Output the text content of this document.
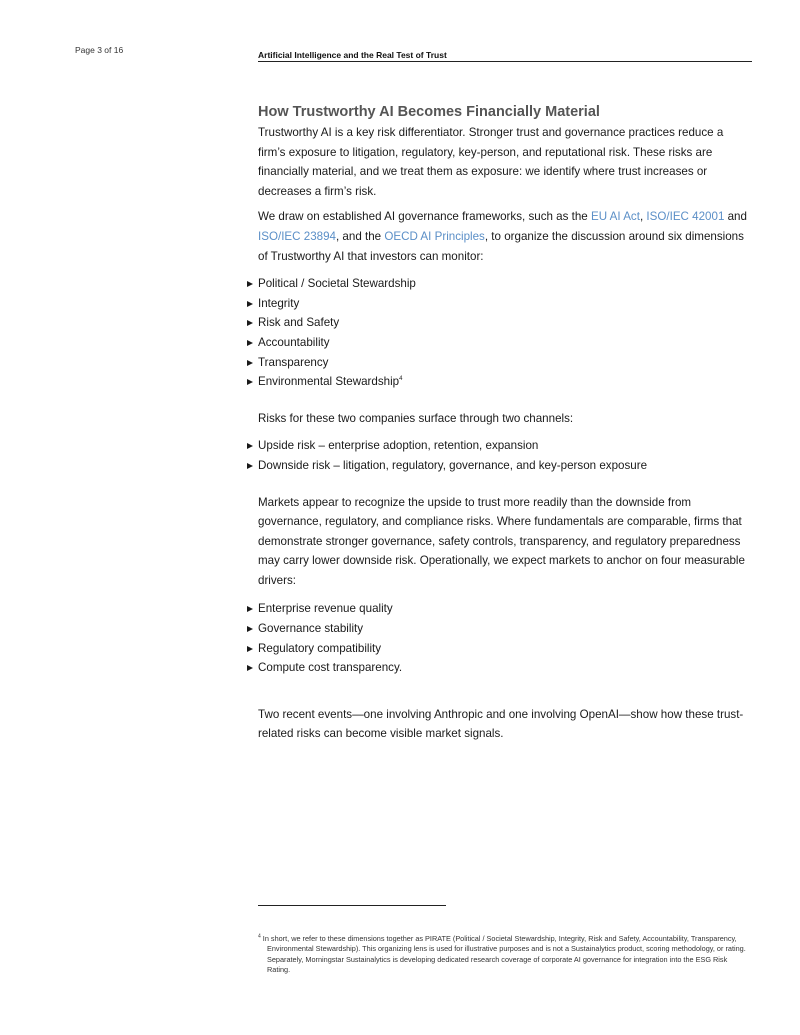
Page 3 of 16	Artificial Intelligence and the Real Test of Trust
How Trustworthy AI Becomes Financially Material

Trustworthy AI is a key risk differentiator. Stronger trust and governance practices reduce a firm’s exposure to litigation, regulatory, key-person, and reputational risk. These risks are financially material, and we treat them as exposure: we identify where trust increases or decreases a firm’s risk.

We draw on established AI governance frameworks, such as the EU AI Act, ISO/IEC 42001 and
ISO/IEC 23894, and the OECD AI Principles, to organize the discussion around six dimensions of Trustworthy AI that investors can monitor:

Political / Societal Stewardship
Integrity
Risk and Safety
Accountability
Transparency
Environmental Stewardship$^4$

Risks for these two companies surface through two channels:

Upside risk – enterprise adoption, retention, expansion
Downside risk – litigation, regulatory, governance, and key-person exposure

Markets appear to recognize the upside to trust more readily than the downside from governance, regulatory, and compliance risks. Where fundamentals are comparable, firms that demonstrate stronger governance, safety controls, transparency, and regulatory preparedness may carry lower downside risk. Operationally, we expect markets to anchor on four measurable drivers:

Enterprise revenue quality
Governance stability
Regulatory compatibility
Compute cost transparency.

Two recent events—one involving Anthropic and one involving OpenAI—show how these trust-related risks can become visible market signals.

$^4$ In short, we refer to these dimensions together as PIRATE (Political / Societal Stewardship, Integrity, Risk and Safety, Accountability, Transparency, Environmental Stewardship). This organizing lens is used for illustrative purposes and is not a Sustainalytics product, scoring methodology, or rating. Separately, Morningstar Sustainalytics is developing dedicated research coverage of corporate AI governance for integration into the ESG Risk Rating.
